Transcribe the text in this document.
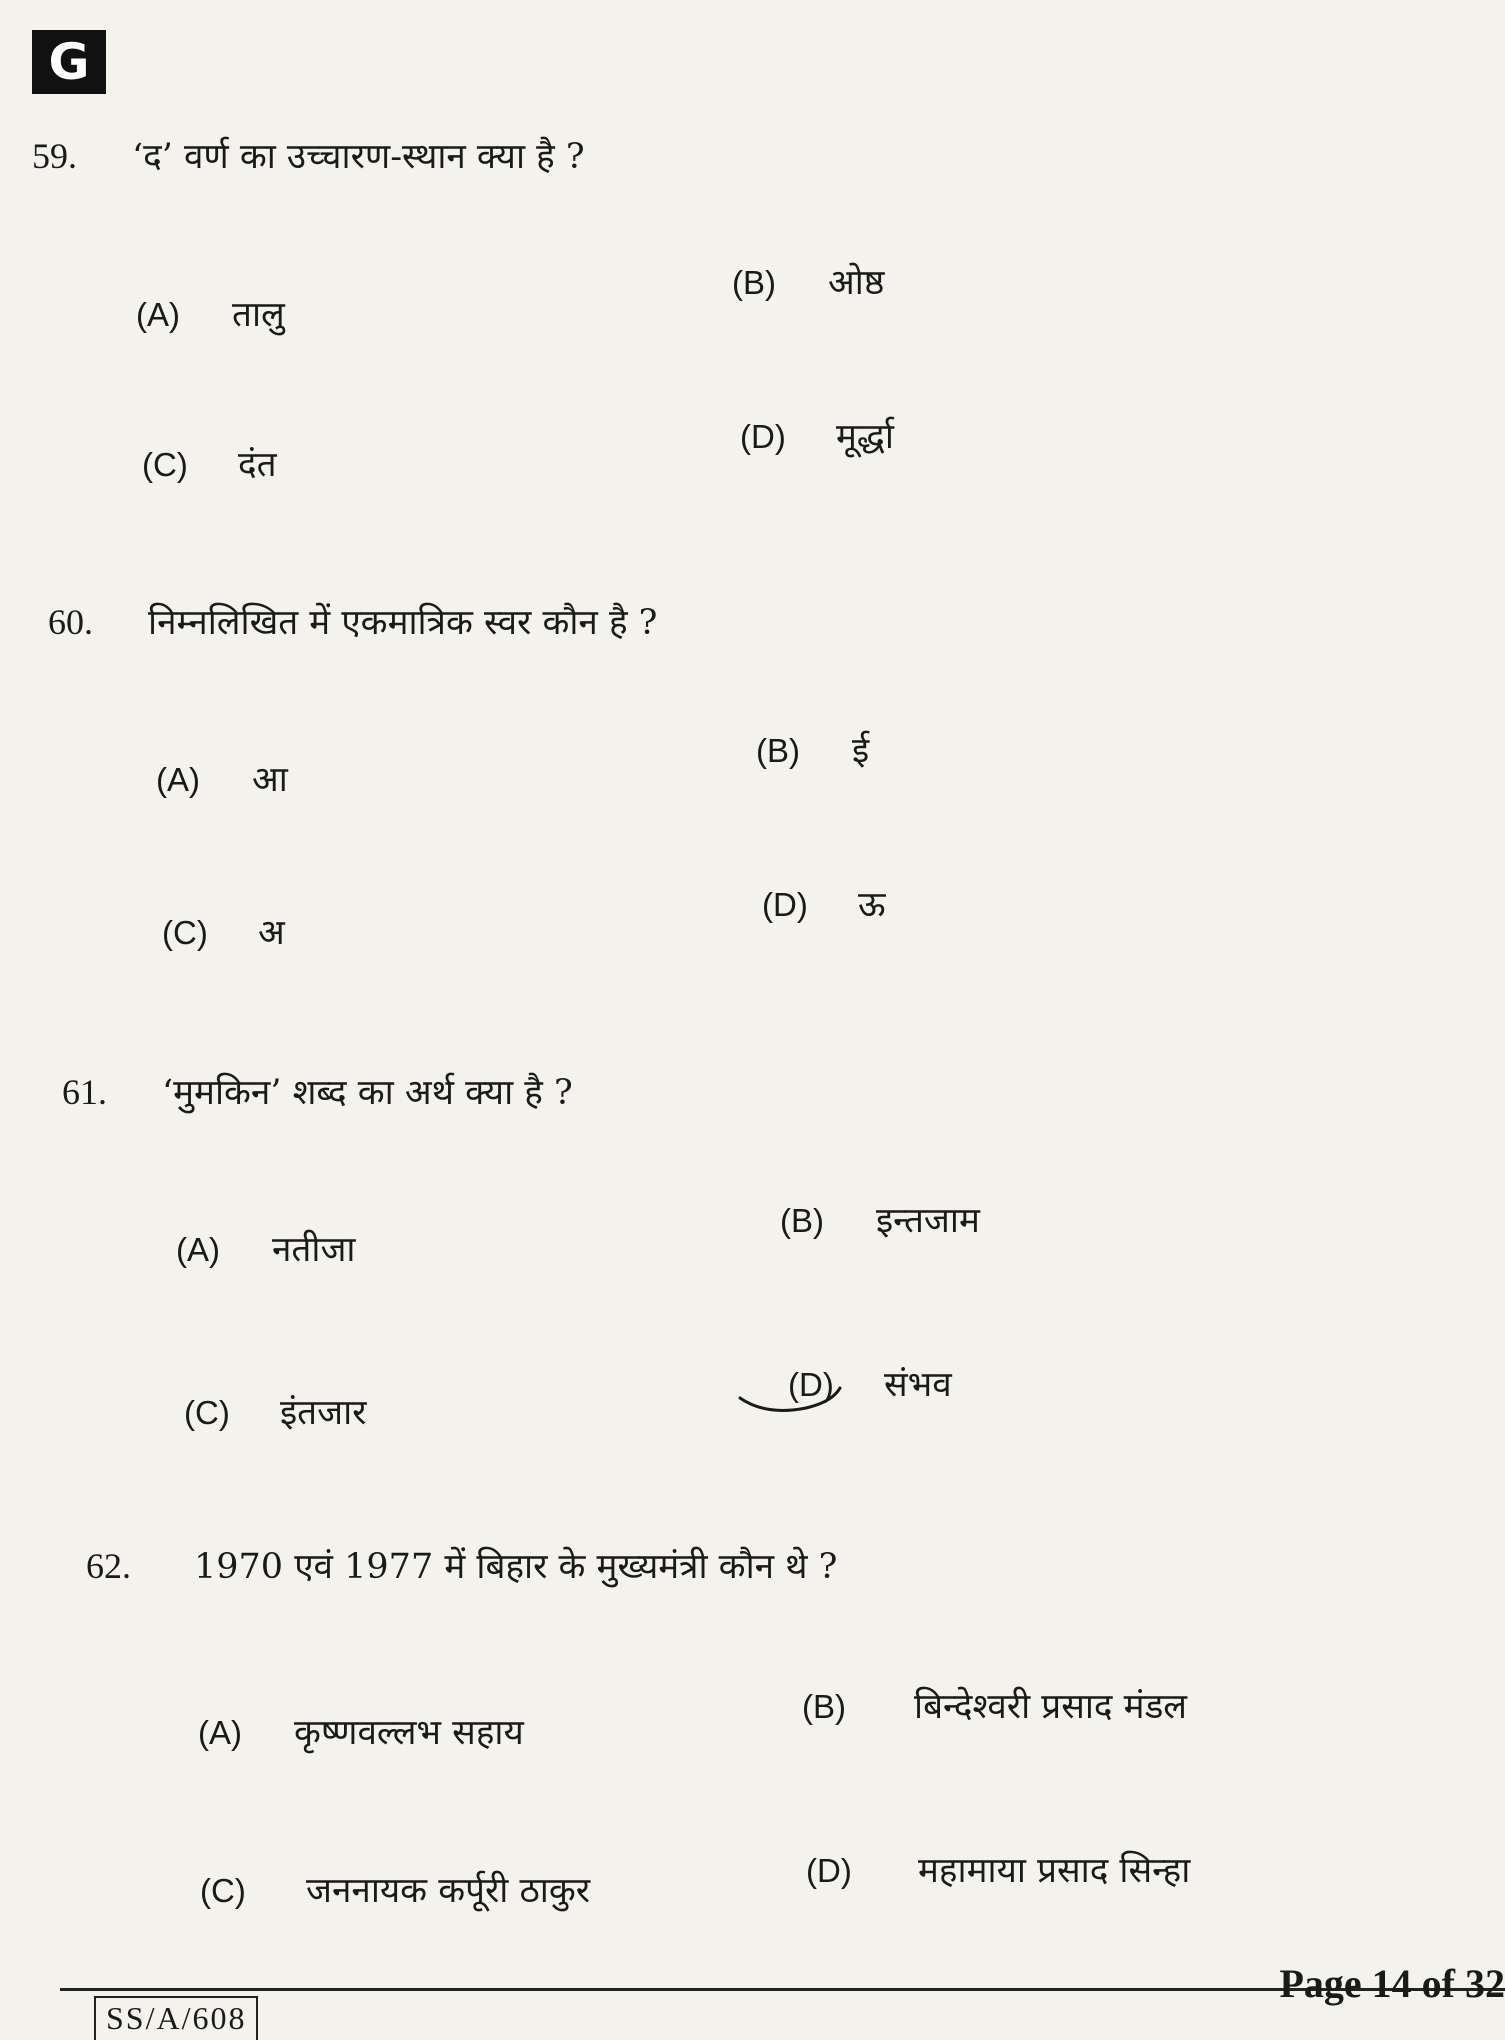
G
59. ‘द’ वर्ण का उच्चारण-स्थान क्या है ?
(A) तालु
(B) ओष्ठ
(C) दंत
(D) मूर्द्धा
60. निम्नलिखित में एकमात्रिक स्वर कौन है ?
(A) आ
(B) ई
(C) अ
(D) ऊ
61. ‘मुमकिन’ शब्द का अर्थ क्या है ?
(A) नतीजा
(B) इन्तजाम
(C) इंतजार
(D) संभव
62. 1970 एवं 1977 में बिहार के मुख्यमंत्री कौन थे ?
(A) कृष्णवल्लभ सहाय
(B) बिन्देश्वरी प्रसाद मंडल
(C) जननायक कर्पूरी ठाकुर
(D) महामाया प्रसाद सिन्हा
SS/A/608
Page 14 of 32
